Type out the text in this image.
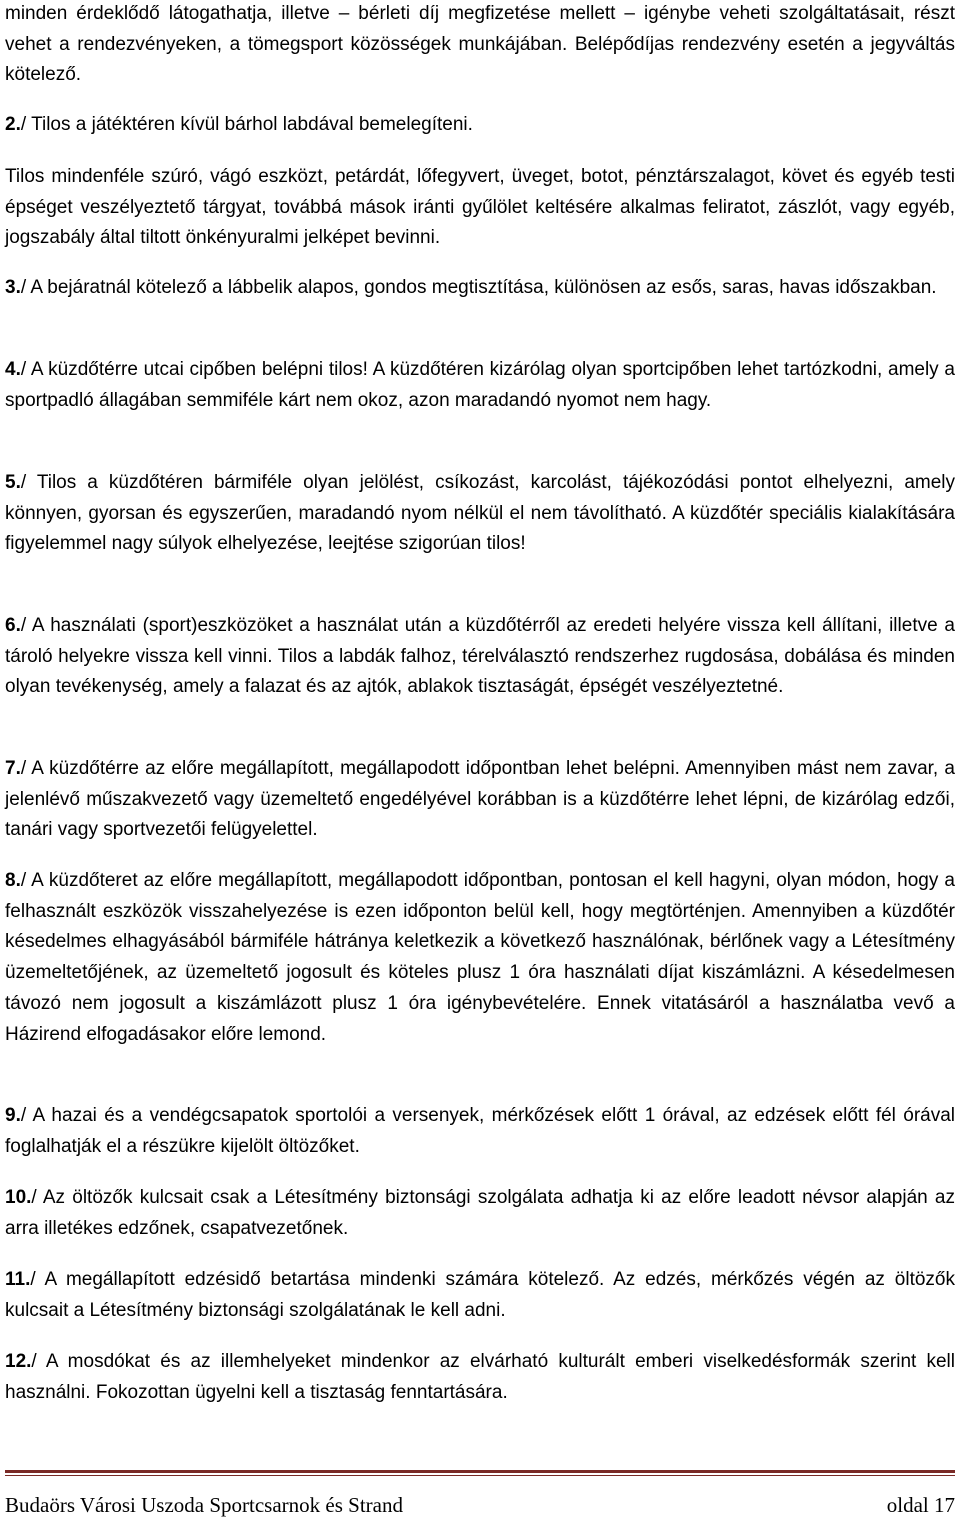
minden érdeklődő látogathatja, illetve – bérleti díj megfizetése mellett – igénybe veheti szolgáltatásait, részt vehet a rendezvényeken, a tömegsport közösségek munkájában. Belépődíjas rendezvény esetén a jegyváltás kötelező.

2./ Tilos a játéktéren kívül bárhol labdával bemelegíteni.

Tilos mindenféle szúró, vágó eszközt, petárdát, lőfegyvert, üveget, botot, pénztárszalagot, követ és egyéb testi épséget veszélyeztető tárgyat, továbbá mások iránti gyűlölet keltésére alkalmas feliratot, zászlót, vagy egyéb, jogszabály által tiltott önkényuralmi jelképet bevinni.

3./ A bejáratnál kötelező a lábbelik alapos, gondos megtisztítása, különösen az esős, saras, havas időszakban.

4./ A küzdőtérre utcai cipőben belépni tilos! A küzdőtéren kizárólag olyan sportcipőben lehet tartózkodni, amely a sportpadló állagában semmiféle kárt nem okoz, azon maradandó nyomot nem hagy.

5./ Tilos a küzdőtéren bármiféle olyan jelölést, csíkozást, karcolást, tájékozódási pontot elhelyezni, amely könnyen, gyorsan és egyszerűen, maradandó nyom nélkül el nem távolítható. A küzdőtér speciális kialakítására figyelemmel nagy súlyok elhelyezése, leejtése szigorúan tilos!

6./ A használati (sport)eszközöket a használat után a küzdőtérről az eredeti helyére vissza kell állítani, illetve a tároló helyekre vissza kell vinni. Tilos a labdák falhoz, térelválasztó rendszerhez rugdosása, dobálása és minden olyan tevékenység, amely a falazat és az ajtók, ablakok tisztaságát, épségét veszélyeztetné.

7./ A küzdőtérre az előre megállapított, megállapodott időpontban lehet belépni. Amennyiben mást nem zavar, a jelenlévő műszakvezető vagy üzemeltető engedélyével korábban is a küzdőtérre lehet lépni, de kizárólag edzői, tanári vagy sportvezetői felügyelettel.

8./ A küzdőteret az előre megállapított, megállapodott időpontban, pontosan el kell hagyni, olyan módon, hogy a felhasznált eszközök visszahelyezése is ezen időponton belül kell, hogy megtörténjen. Amennyiben a küzdőtér késedelmes elhagyásából bármiféle hátránya keletkezik a következő használónak, bérlőnek vagy a Létesítmény üzemeltetőjének, az üzemeltető jogosult és köteles plusz 1 óra használati díjat kiszámlázni. A késedelmesen távozó nem jogosult a kiszámlázott plusz 1 óra igénybevételére. Ennek vitatásáról a használatba vevő a Házirend elfogadásakor előre lemond.

9./ A hazai és a vendégcsapatok sportolói a versenyek, mérkőzések előtt 1 órával, az edzések előtt fél órával foglalhatják el a részükre kijelölt öltözőket.

10./ Az öltözők kulcsait csak a Létesítmény biztonsági szolgálata adhatja ki az előre leadott névsor alapján az arra illetékes edzőnek, csapatvezetőnek.

11./ A megállapított edzésidő betartása mindenki számára kötelező. Az edzés, mérkőzés végén az öltözők kulcsait a Létesítmény biztonsági szolgálatának le kell adni.

12./ A mosdókat és az illemhelyeket mindenkor az elvárható kulturált emberi viselkedésformák szerint kell használni. Fokozottan ügyelni kell a tisztaság fenntartására.

Budaörs Városi Uszoda Sportcsarnok és Strand	oldal 17
